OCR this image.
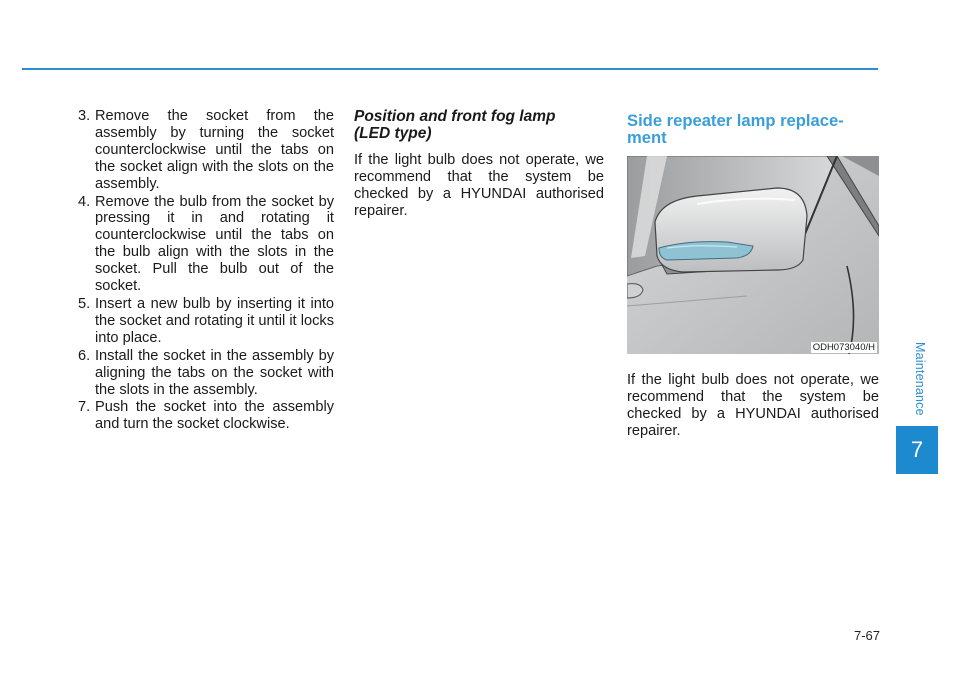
3. Remove the socket from the assembly by turning the socket counterclockwise until the tabs on the socket align with the slots on the assembly.
4. Remove the bulb from the socket by pressing it in and rotating it counterclockwise until the tabs on the bulb align with the slots in the socket. Pull the bulb out of the socket.
5. Insert a new bulb by inserting it into the socket and rotating it until it locks into place.
6. Install the socket in the assembly by aligning the tabs on the socket with the slots in the assembly.
7. Push the socket into the assembly and turn the socket clockwise.
Position and front fog lamp
(LED type)

If the light bulb does not operate, we recommend that the system be checked by a HYUNDAI authorised repairer.

Side repeater lamp replace-
ment
ODH073040/H

If the light bulb does not operate, we recommend that the system be checked by a HYUNDAI authorised repairer.

Maintenance
7
7-67
